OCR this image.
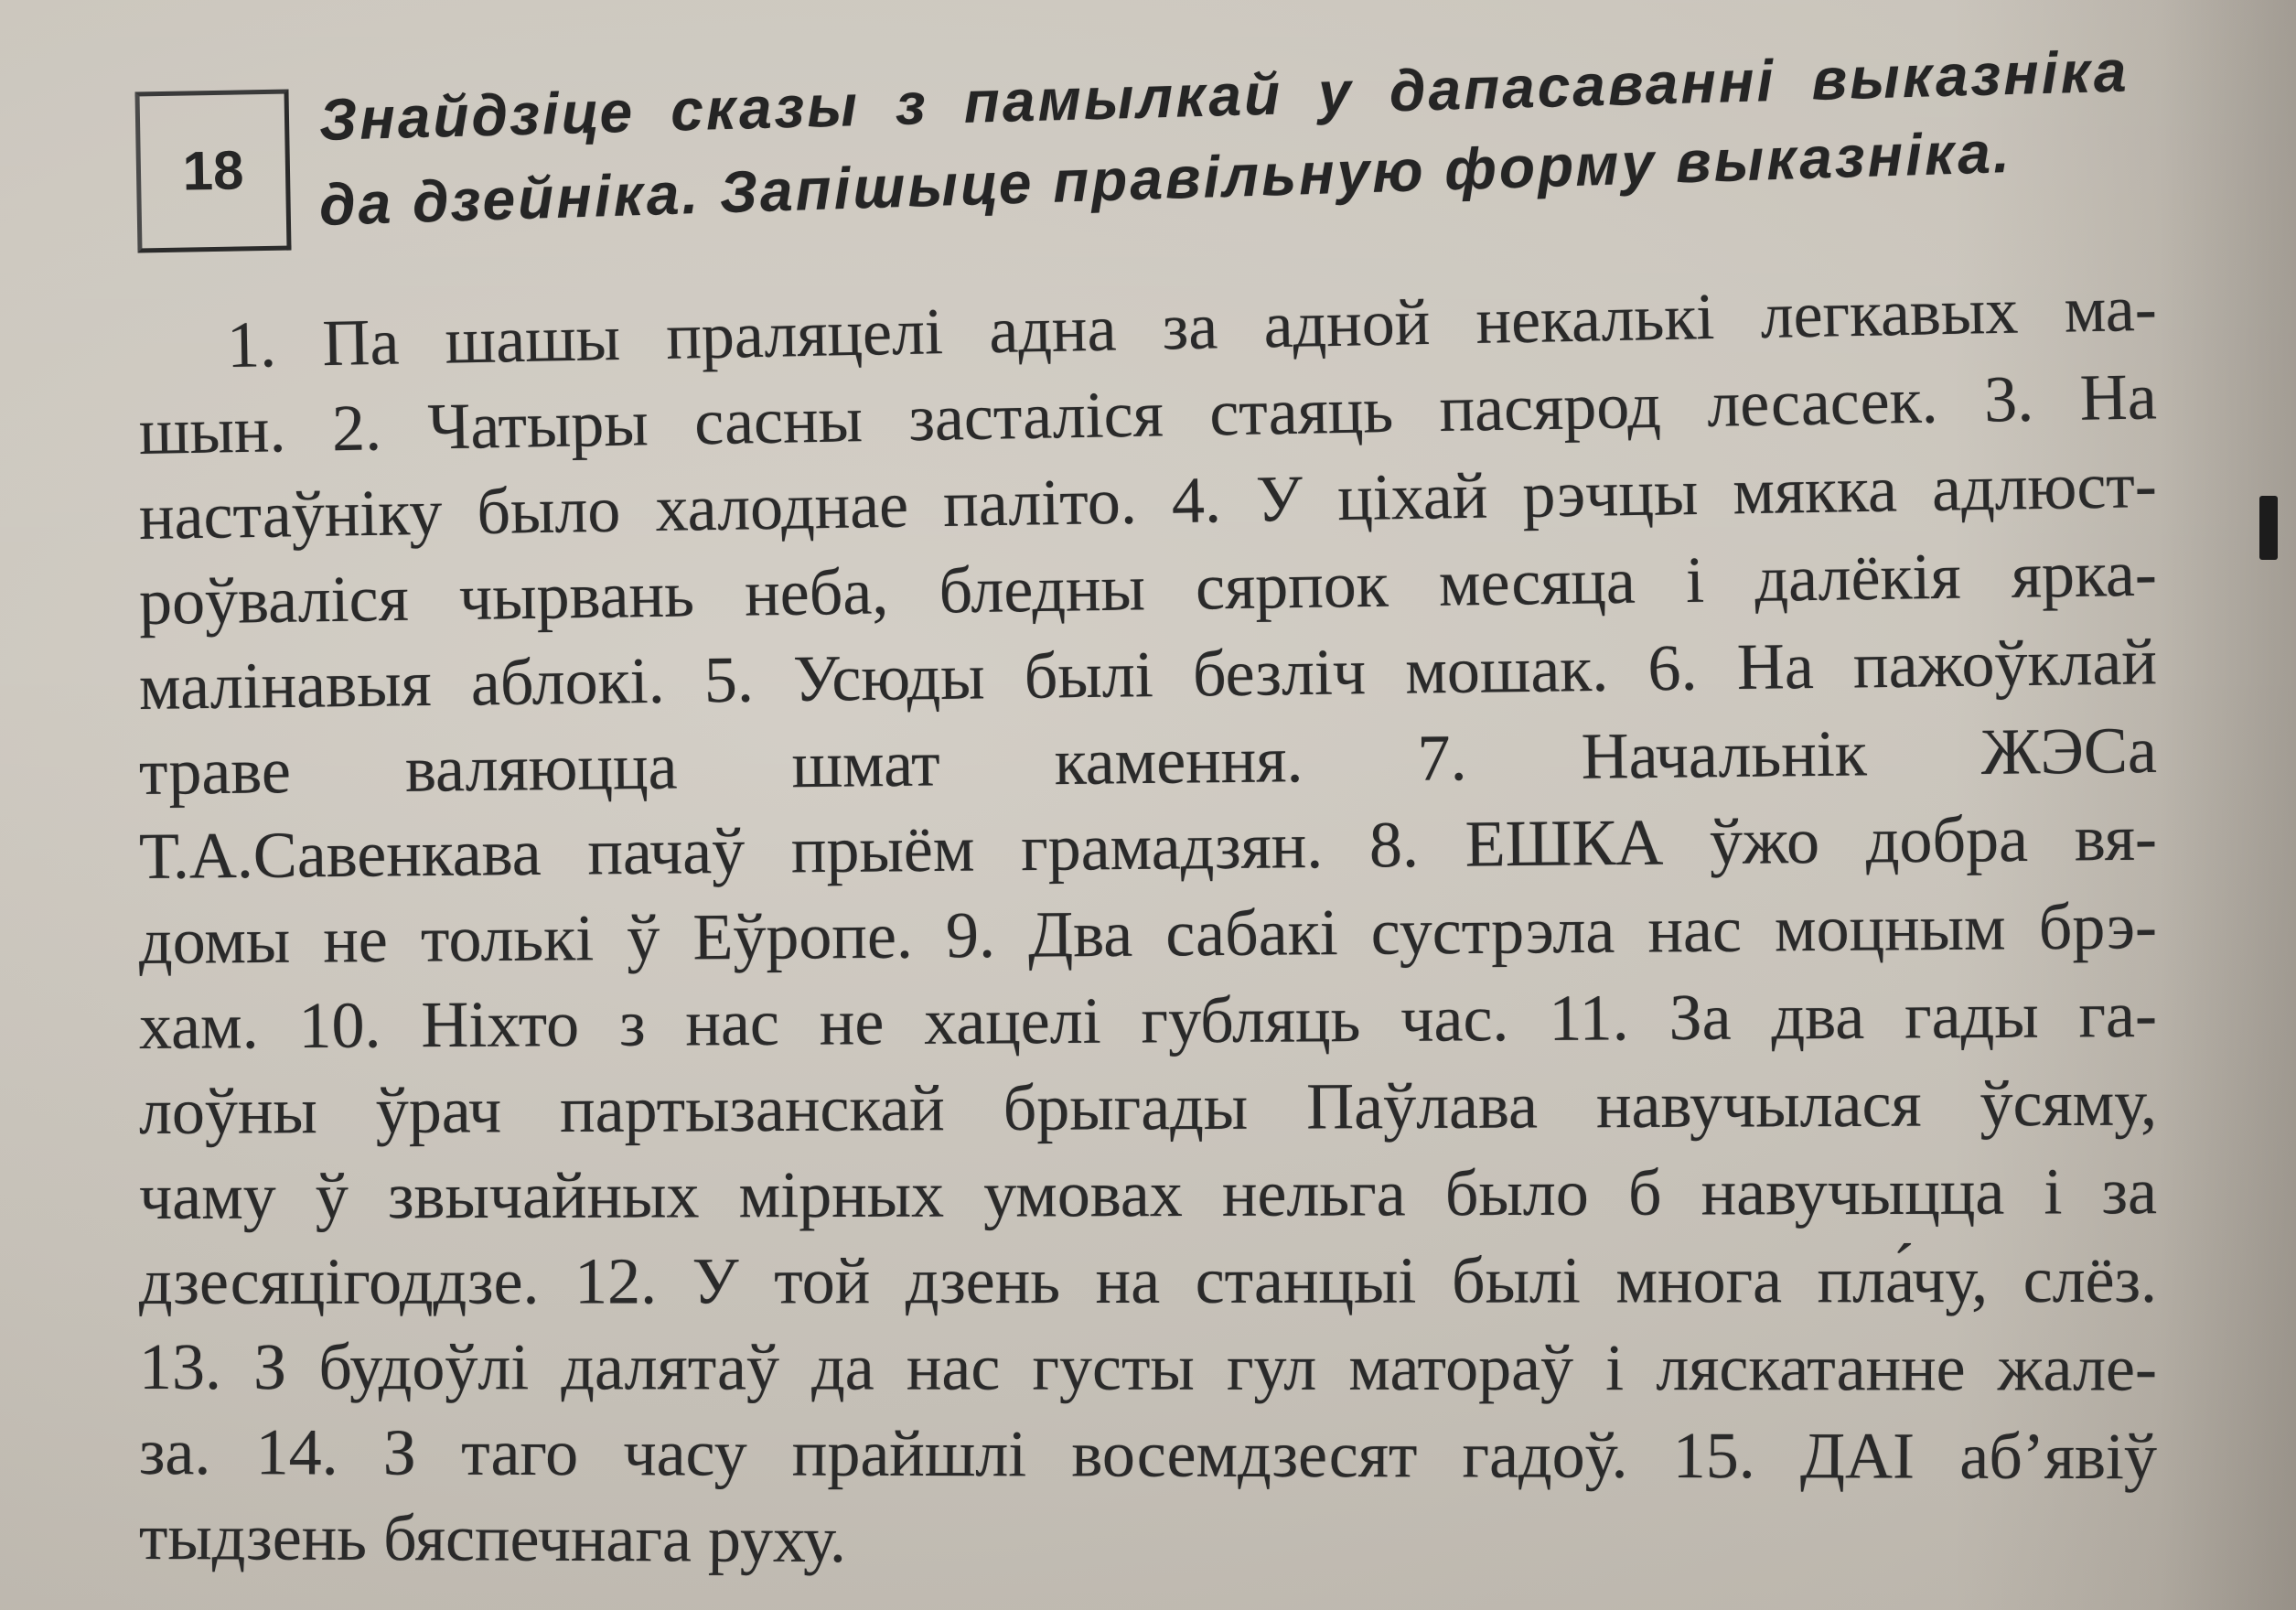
18
Знайдзіце сказы з памылкай у дапасаванні выказніка
да дзейніка. Запішыце правільную форму выказніка.
1. Па шашы праляцелі адна за адной некалькі легкавых ма-
шын. 2. Чатыры сасны засталіся стаяць пасярод лесасек. 3. На
настаўніку было халоднае паліто. 4. У ціхай рэчцы мякка адлюст-
роўваліся чырвань неба, бледны сярпок месяца і далёкія ярка-
малінавыя аблокі. 5. Усюды былі безліч мошак. 6. На пажоўклай
траве валяюцца шмат камення. 7. Начальнік ЖЭСа
Т.А.Савенкава пачаў прыём грамадзян. 8. ЕШКА ўжо добра вя-
домы не толькі ў Еўропе. 9. Два сабакі сустрэла нас моцным брэ-
хам. 10. Ніхто з нас не хацелі губляць час. 11. За два гады га-
лоўны ўрач партызанскай брыгады Паўлава навучылася ўсяму,
чаму ў звычайных мірных умовах нельга было б навучыцца і за
дзесяцігоддзе. 12. У той дзень на станцыі былі многа пла́чу, слёз.
13. З будоўлі далятаў да нас густы гул матораў і ляскатанне жале-
за. 14. З таго часу прайшлі восемдзесят гадоў. 15. ДАІ аб’явіў
тыдзень бяспечнага руху.
